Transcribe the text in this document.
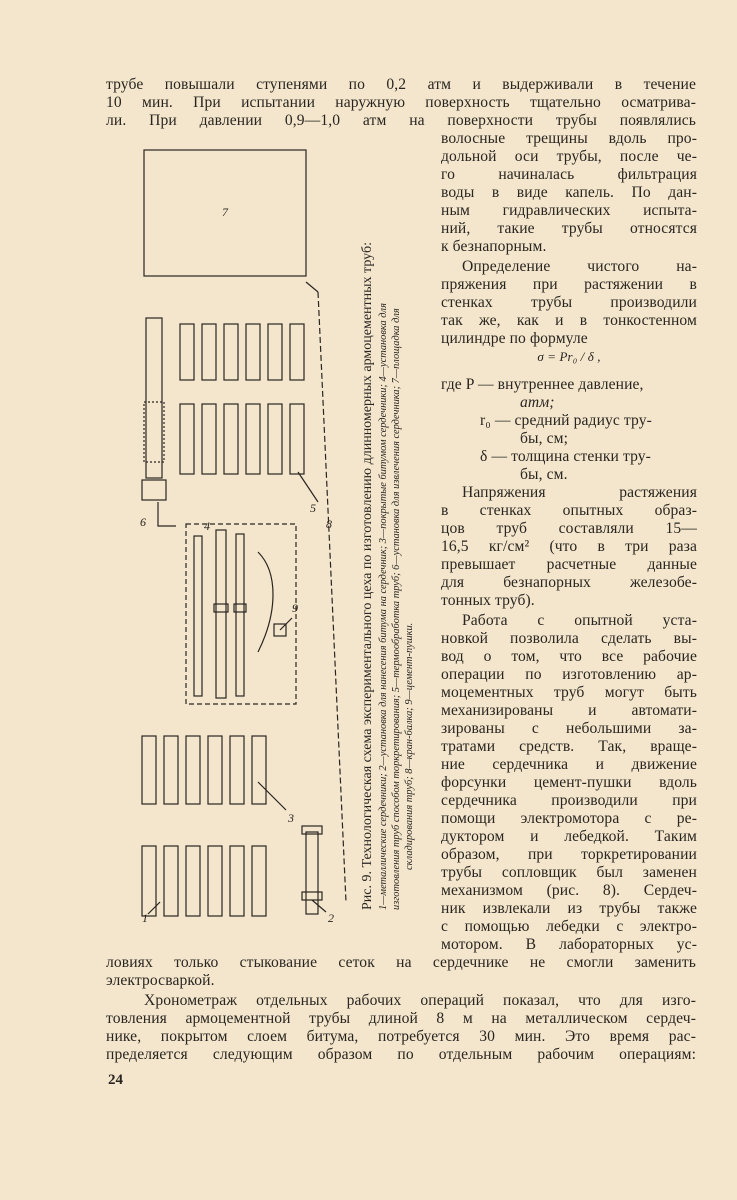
трубе повышали ступенями по 0,2 атм и выдерживали в течение
10 мин. При испытании наружную поверхность тщательно осматрива-
ли. При давлении 0,9—1,0 атм на поверхности трубы появлялись
7
6
5
8
9
4
3
2
1
Рис. 9. Технологическая схема экспериментального цеха по изготовлению длинномерных армоцементных труб: 1—металлические сердечники; 2—установка для нанесения битума на сердечник; 3—покрытые битумом сердечники; 4—установка для изготовления труб способом торкретирования; 5—термообработка труб; 6—установка для извлечения сердечника; 7—площадка для складирования труб; 8—кран-балка; 9—цемент-пушки.
волосные трещины вдоль про-
дольной оси трубы, после че-
го начиналась фильтрация
воды в виде капель. По дан-
ным гидравлических испыта-
ний, такие трубы относятся
к безнапорным.
Определение чистого на-
пряжения при растяжении в
стенках трубы производили
так же, как и в тонкостенном
цилиндре по формуле
σ = Pr₀ / δ ,
где P — внутреннее давление,
атм;
r₀ — средний радиус тру-
бы, см;
δ — толщина стенки тру-
бы, см.
Напряжения растяжения
в стенках опытных образ-
цов труб составляли 15—
16,5 кг/см² (что в три раза
превышает расчетные данные
для безнапорных железобе-
тонных труб).
Работа с опытной уста-
новкой позволила сделать вы-
вод о том, что все рабочие
операции по изготовлению ар-
моцементных труб могут быть
механизированы и автомати-
зированы с небольшими за-
тратами средств. Так, враще-
ние сердечника и движение
форсунки цемент-пушки вдоль
сердечника производили при
помощи электромотора с ре-
дуктором и лебедкой. Таким
образом, при торкретировании
трубы сопловщик был заменен
механизмом (рис. 8). Сердеч-
ник извлекали из трубы также
с помощью лебедки с электро-
мотором. В лабораторных ус-
ловиях только стыкование сеток на сердечнике не смогли заменить
электросваркой.
Хронометраж отдельных рабочих операций показал, что для изго-
товления армоцементной трубы длиной 8 м на металлическом сердеч-
нике, покрытом слоем битума, потребуется 30 мин. Это время рас-
пределяется следующим образом по отдельным рабочим операциям:
24
